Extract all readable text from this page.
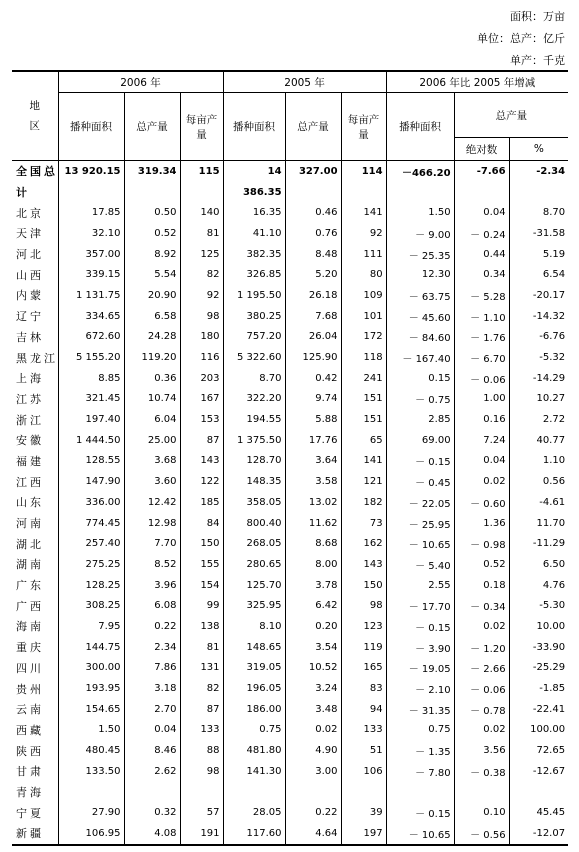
面积：万亩
单位：总产：亿斤
单产：千克
地
区	2006 年			2005 年			2006 年比 2005 年增减		
	播种面积	总产量	每亩产
量	播种面积	总产量	每亩产
量	播种面积	总产量	
								绝对数	%
全国总	13 920.15	319.34	115	14	327.00	114	－466.20	-7.66	-2.34
计				386.35					
北京	17.85	0.50	140	16.35	0.46	141	1.50	0.04	8.70
天津	32.10	0.52	81	41.10	0.76	92	－ 9.00	－ 0.24	-31.58
河北	357.00	8.92	125	382.35	8.48	111	－ 25.35	0.44	5.19
山西	339.15	5.54	82	326.85	5.20	80	12.30	0.34	6.54
内蒙	1 131.75	20.90	92	1 195.50	26.18	109	－ 63.75	－ 5.28	-20.17
辽宁	334.65	6.58	98	380.25	7.68	101	－ 45.60	－ 1.10	-14.32
吉林	672.60	24.28	180	757.20	26.04	172	－ 84.60	－ 1.76	-6.76
黑龙江	5 155.20	119.20	116	5 322.60	125.90	118	－ 167.40	－ 6.70	-5.32
上海	8.85	0.36	203	8.70	0.42	241	0.15	－ 0.06	-14.29
江苏	321.45	10.74	167	322.20	9.74	151	－ 0.75	1.00	10.27
浙江	197.40	6.04	153	194.55	5.88	151	2.85	0.16	2.72
安徽	1 444.50	25.00	87	1 375.50	17.76	65	69.00	7.24	40.77
福建	128.55	3.68	143	128.70	3.64	141	－ 0.15	0.04	1.10
江西	147.90	3.60	122	148.35	3.58	121	－ 0.45	0.02	0.56
山东	336.00	12.42	185	358.05	13.02	182	－ 22.05	－ 0.60	-4.61
河南	774.45	12.98	84	800.40	11.62	73	－ 25.95	1.36	11.70
湖北	257.40	7.70	150	268.05	8.68	162	－ 10.65	－ 0.98	-11.29
湖南	275.25	8.52	155	280.65	8.00	143	－ 5.40	0.52	6.50
广东	128.25	3.96	154	125.70	3.78	150	2.55	0.18	4.76
广西	308.25	6.08	99	325.95	6.42	98	－ 17.70	－ 0.34	-5.30
海南	7.95	0.22	138	8.10	0.20	123	－ 0.15	0.02	10.00
重庆	144.75	2.34	81	148.65	3.54	119	－ 3.90	－ 1.20	-33.90
四川	300.00	7.86	131	319.05	10.52	165	－ 19.05	－ 2.66	-25.29
贵州	193.95	3.18	82	196.05	3.24	83	－ 2.10	－ 0.06	-1.85
云南	154.65	2.70	87	186.00	3.48	94	－ 31.35	－ 0.78	-22.41
西藏	1.50	0.04	133	0.75	0.02	133	0.75	0.02	100.00
陕西	480.45	8.46	88	481.80	4.90	51	－ 1.35	3.56	72.65
甘肃	133.50	2.62	98	141.30	3.00	106	－ 7.80	－ 0.38	-12.67
青海									
宁夏	27.90	0.32	57	28.05	0.22	39	－ 0.15	0.10	45.45
新疆	106.95	4.08	191	117.60	4.64	197	－ 10.65	－ 0.56	-12.07
